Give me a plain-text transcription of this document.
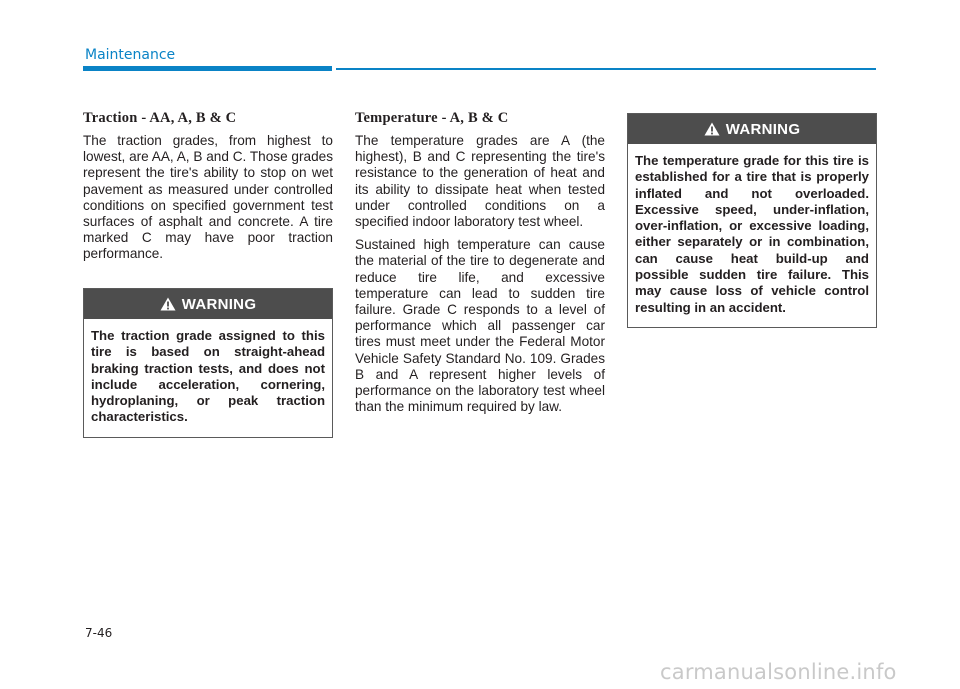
Maintenance
Traction - AA, A, B & C

The traction grades, from highest to lowest, are AA, A, B and C. Those grades represent the tire's ability to stop on wet pavement as measured under controlled conditions on specified government test surfaces of asphalt and concrete. A tire marked C may have poor traction performance.

WARNING
The traction grade assigned to this tire is based on straight-ahead braking traction tests, and does not include acceleration, cornering, hydroplaning, or peak traction characteristics.
Temperature - A, B & C

The temperature grades are A (the highest), B and C representing the tire's resistance to the generation of heat and its ability to dissipate heat when tested under controlled conditions on a specified indoor laboratory test wheel.

Sustained high temperature can cause the material of the tire to degenerate and reduce tire life, and excessive temperature can lead to sudden tire failure. Grade C responds to a level of performance which all passenger car tires must meet under the Federal Motor Vehicle Safety Standard No. 109. Grades B and A represent higher levels of performance on the laboratory test wheel than the minimum required by law.

WARNING
The temperature grade for this tire is established for a tire that is properly inflated and not overloaded. Excessive speed, under-inflation, over-inflation, or excessive loading, either separately or in combination, can cause heat build-up and possible sudden tire failure. This may cause loss of vehicle control resulting in an accident.
7-46
carmanualsonline.info
